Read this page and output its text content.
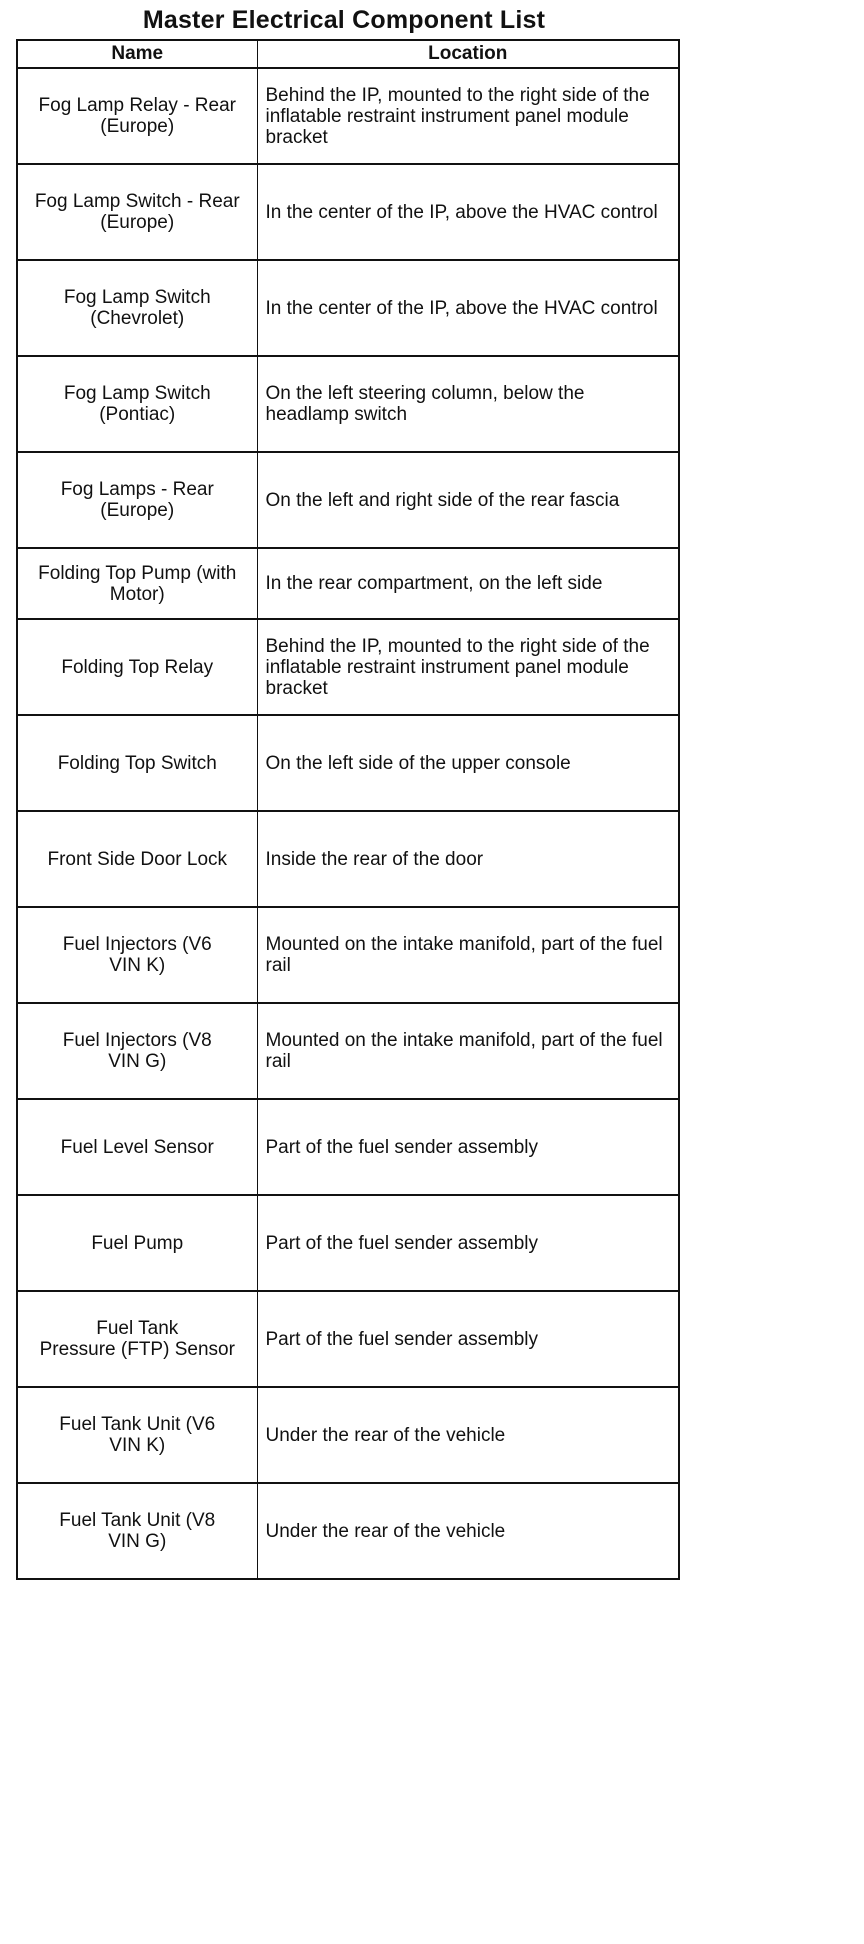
Master Electrical Component List
Name	Location
Fog Lamp Relay - Rear
(Europe)	Behind the IP, mounted to the right side of the inflatable restraint instrument panel module bracket
Fog Lamp Switch - Rear
(Europe)	In the center of the IP, above the HVAC control
Fog Lamp Switch
(Chevrolet)	In the center of the IP, above the HVAC control
Fog Lamp Switch
(Pontiac)	On the left steering column, below the headlamp switch
Fog Lamps - Rear
(Europe)	On the left and right side of the rear fascia
Folding Top Pump (with
Motor)	In the rear compartment, on the left side
Folding Top Relay	Behind the IP, mounted to the right side of the inflatable restraint instrument panel module bracket
Folding Top Switch	On the left side of the upper console
Front Side Door Lock	Inside the rear of the door
Fuel Injectors (V6
VIN K)	Mounted on the intake manifold, part of the fuel rail
Fuel Injectors (V8
VIN G)	Mounted on the intake manifold, part of the fuel rail
Fuel Level Sensor	Part of the fuel sender assembly
Fuel Pump	Part of the fuel sender assembly
Fuel Tank
Pressure (FTP) Sensor	Part of the fuel sender assembly
Fuel Tank Unit (V6
VIN K)	Under the rear of the vehicle
Fuel Tank Unit (V8
VIN G)	Under the rear of the vehicle
